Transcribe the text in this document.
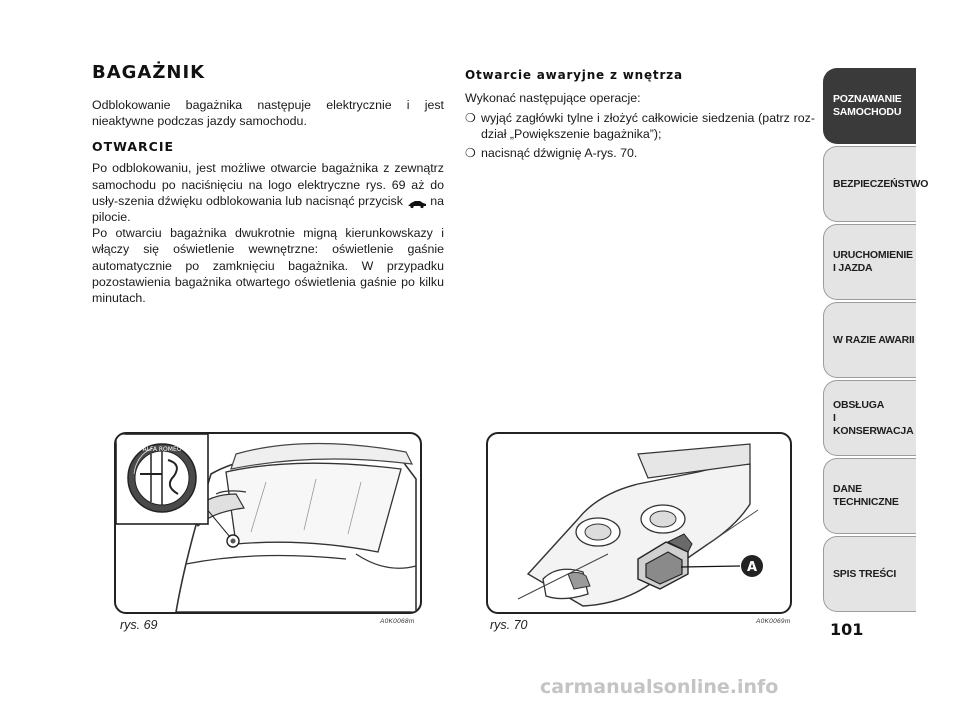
BAGAŻNIK

Odblokowanie bagażnika następuje elektrycznie i jest nieaktywne podczas jazdy samochodu.

OTWARCIE

Po odblokowaniu, jest możliwe otwarcie bagażnika z zewnątrz samochodu po naciśnięciu na logo elektryczne rys. 69 aż do usły-szenia dźwięku odblokowania lub nacisnąć przycisk na pilocie.

Po otwarciu bagażnika dwukrotnie migną kierunkowskazy i włączy się oświetlenie wewnętrzne: oświetlenie gaśnie automatycznie po zamknięciu bagażnika. W przypadku pozostawienia bagażnika otwartego oświetlenia gaśnie po kilku minutach.

Otwarcie awaryjne z wnętrza

Wykonać następujące operacje:

❍ wyjąć zagłówki tylne i złożyć całkowicie siedzenia (patrz roz-dział „Powiększenie bagażnika”);
❍ nacisnąć dźwignię A-rys. 70.
ALFA ROMEO
rys. 69	A0K0068m
A
rys. 70	A0K0069m
POZNAWANIE
SAMOCHODU
BEZPIECZEŃSTWO
URUCHOMIENIE
I JAZDA
W RAZIE AWARII
OBSŁUGA
I KONSERWACJA
DANE
TECHNICZNE
SPIS TREŚCI
101
carmanualsonline.info
